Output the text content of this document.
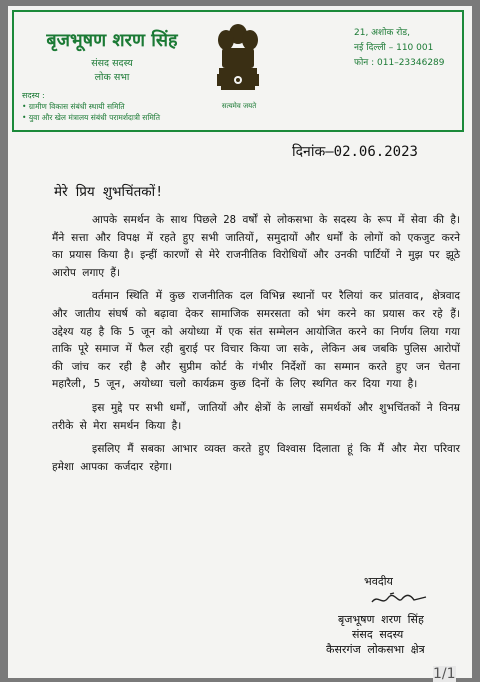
बृजभूषण शरण सिंह
संसद सदस्य
लोक सभा
सदस्य :
• ग्रामीण विकास संबंधी स्थायी समिति
• युवा और खेल मंत्रालय संबंधी परामर्शदात्री समिति
सत्यमेव जयते
21, अशोक रोड,
नई दिल्ली – 110 001
फोन : 011–23346289
दिनांक–02.06.2023
मेरे प्रिय शुभचिंतकों!

आपके समर्थन के साथ पिछले 28 वर्षों से लोकसभा के सदस्य के रूप में सेवा की है। मैंने सत्ता और विपक्ष में रहते हुए सभी जातियों, समुदायों और धर्मों के लोगों को एकजुट करने का प्रयास किया है। इन्हीं कारणों से मेरे राजनीतिक विरोधियों और उनकी पार्टियों ने मुझ पर झूठे आरोप लगाए हैं।

वर्तमान स्थिति में कुछ राजनीतिक दल विभिन्न स्थानों पर रैलियां कर प्रांतवाद, क्षेत्रवाद और जातीय संघर्ष को बढ़ावा देकर सामाजिक समरसता को भंग करने का प्रयास कर रहे हैं। उद्देश्य यह है कि 5 जून को अयोध्या में एक संत सम्मेलन आयोजित करने का निर्णय लिया गया ताकि पूरे समाज में फैल रही बुराई पर विचार किया जा सके, लेकिन अब जबकि पुलिस आरोपों की जांच कर रही है और सुप्रीम कोर्ट के गंभीर निर्देशों का सम्मान करते हुए जन चेतना महारैली, 5 जून, अयोध्या चलो कार्यक्रम कुछ दिनों के लिए स्थगित कर दिया गया है।

इस मुद्दे पर सभी धर्मों, जातियों और क्षेत्रों के लाखों समर्थकों और शुभचिंतकों ने विनम्र तरीके से मेरा समर्थन किया है।

इसलिए मैं सबका आभार व्यक्त करते हुए विश्वास दिलाता हूं कि मैं और मेरा परिवार हमेशा आपका कर्जदार रहेगा।

भवदीय
बृजभूषण शरण सिंह
संसद सदस्य
कैसरगंज लोकसभा क्षेत्र
1/1
